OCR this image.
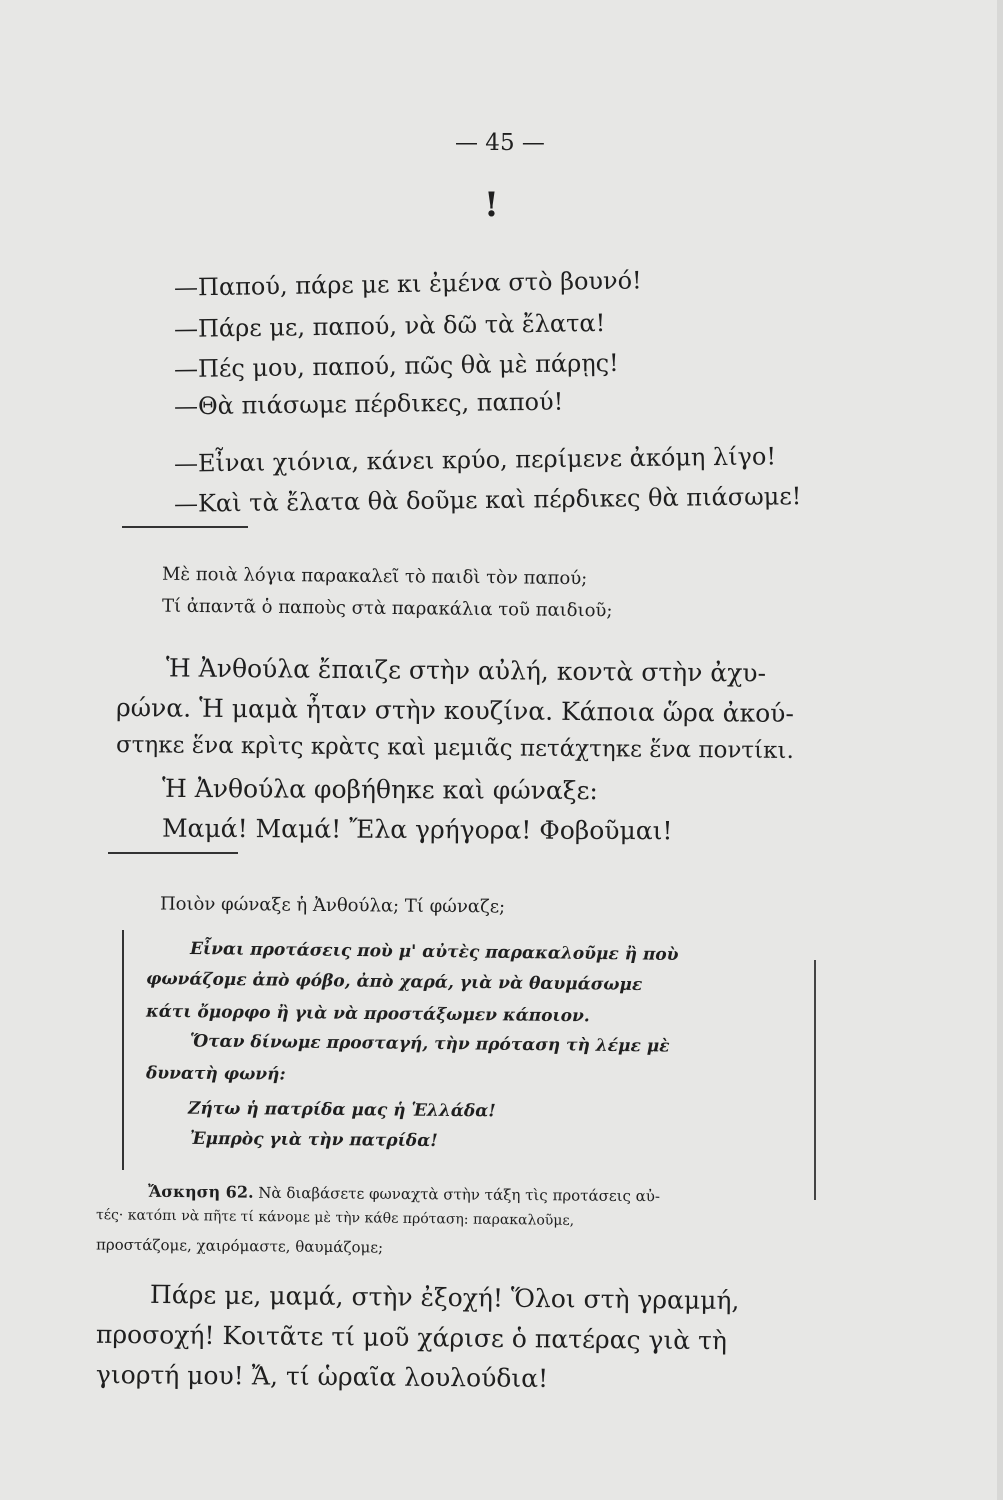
— 45 —
!
—Παπού, πάρε με κι ἐμένα στὸ βουνό!
—Πάρε με, παπού, νὰ δῶ τὰ ἔλατα!
—Πές μου, παπού, πῶς θὰ μὲ πάρῃς!
—Θὰ πιάσωμε πέρδικες, παπού!
—Εἶναι χιόνια, κάνει κρύο, περίμενε ἀκόμη λίγο!
—Καὶ τὰ ἔλατα θὰ δοῦμε καὶ πέρδικες θὰ πιάσωμε!
Μὲ ποιὰ λόγια παρακαλεῖ τὸ παιδὶ τὸν παπού;
Τί ἀπαντᾶ ὁ παποὺς στὰ παρακάλια τοῦ παιδιοῦ;
Ἡ Ἀνθούλα ἔπαιζε στὴν αὐλή, κοντὰ στὴν ἀχυ-
ρώνα. Ἡ μαμὰ ἦταν στὴν κουζίνα. Κάποια ὥρα ἀκού-
στηκε ἕνα κρὶτς κρὰτς καὶ μεμιᾶς πετάχτηκε ἕνα ποντίκι.
Ἡ Ἀνθούλα φοβήθηκε καὶ φώναξε:
Μαμά! Μαμά! Ἔλα γρήγορα! Φοβοῦμαι!
Ποιὸν φώναξε ἡ Ἀνθούλα; Τί φώναζε;
Εἶναι προτάσεις ποὺ μ' αὐτὲς παρακαλοῦμε ἢ ποὺ
φωνάζομε ἀπὸ φόβο, ἀπὸ χαρά, γιὰ νὰ θαυμάσωμε
κάτι ὄμορφο ἢ γιὰ νὰ προστάξωμεν κάποιον.
Ὅταν δίνωμε προσταγή, τὴν πρόταση τὴ λέμε μὲ
δυνατὴ φωνή:
Ζήτω ἡ πατρίδα μας ἡ Ἑλλάδα!
Ἐμπρὸς γιὰ τὴν πατρίδα!
Ἄσκηση 62. Νὰ διαβάσετε φωναχτὰ στὴν τάξη τὶς προτάσεις αὐ-
τές· κατόπι νὰ πῆτε τί κάνομε μὲ τὴν κάθε πρόταση: παρακαλοῦμε,
προστάζομε, χαιρόμαστε, θαυμάζομε;
Πάρε με, μαμά, στὴν ἐξοχή! Ὅλοι στὴ γραμμή,
προσοχή! Κοιτᾶτε τί μοῦ χάρισε ὁ πατέρας γιὰ τὴ
γιορτή μου! Ἄ, τί ὡραῖα λουλούδια!
